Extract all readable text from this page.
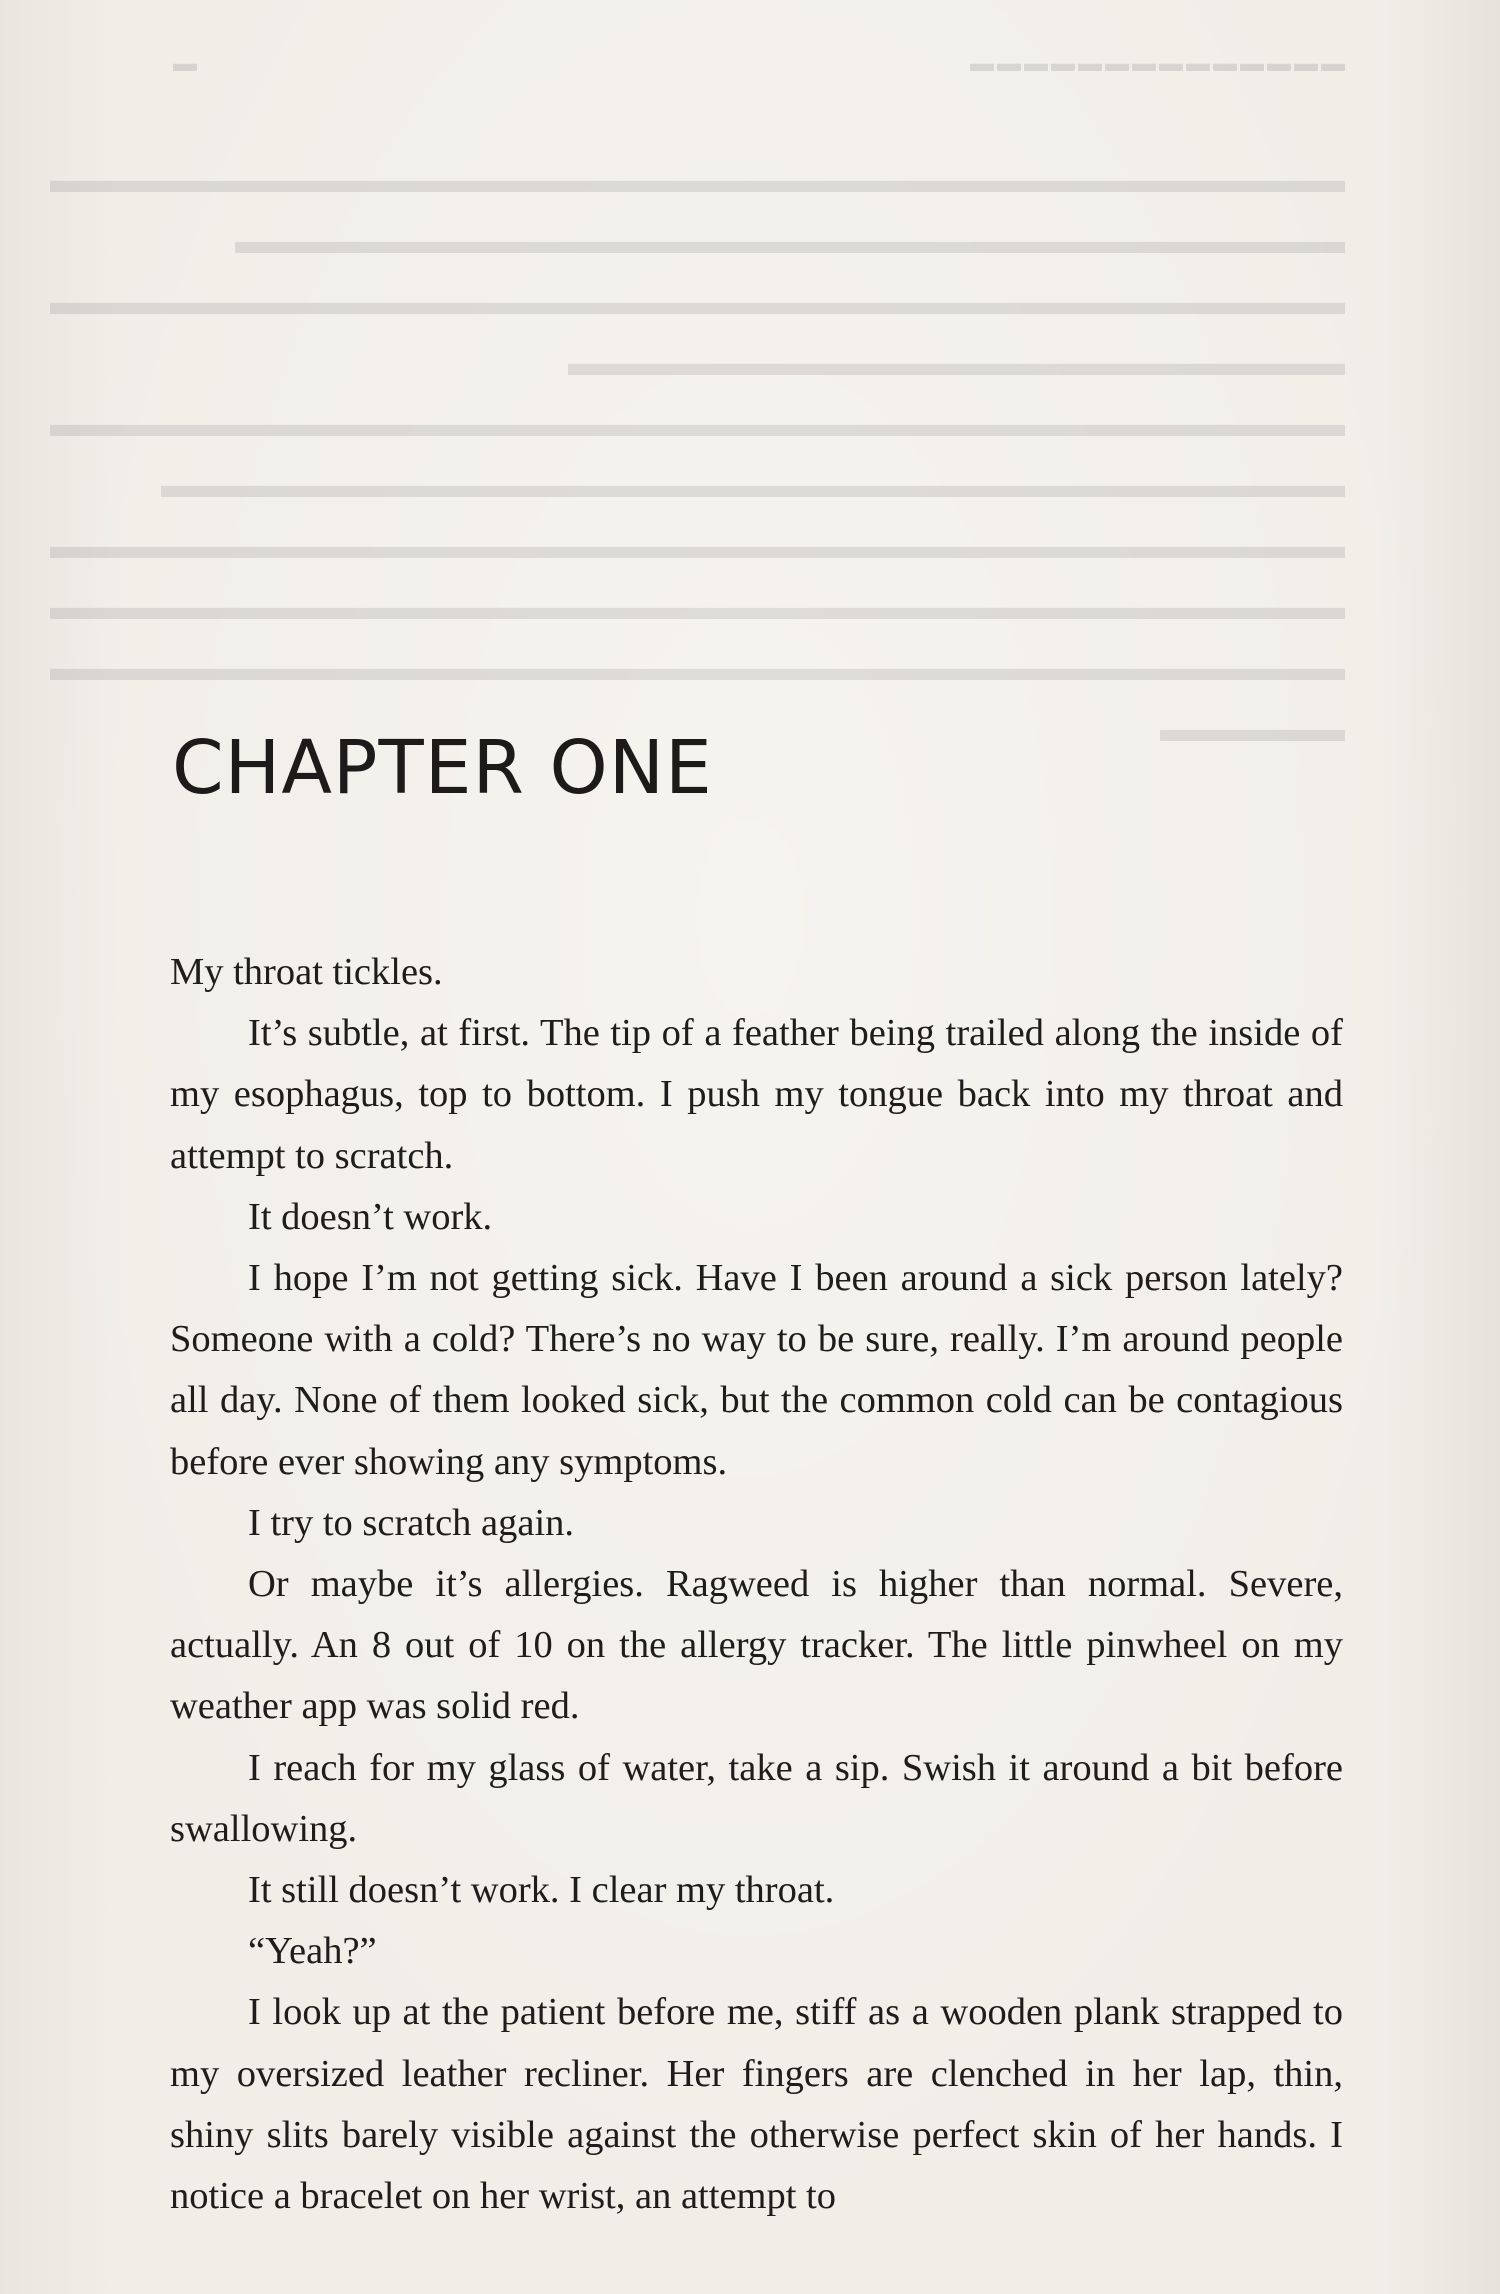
▬▬▬▬▬▬▬▬▬▬▬▬▬▬
▬
▬▬▬▬▬▬▬▬▬▬▬▬▬▬▬▬▬▬▬▬▬▬▬▬▬▬▬▬▬▬▬▬▬▬▬
▬▬▬▬▬▬▬▬▬▬▬▬▬▬▬▬▬▬▬▬▬▬▬▬▬▬▬▬▬▬
▬▬▬▬▬▬▬▬▬▬▬▬▬▬▬▬▬▬▬▬▬▬▬▬▬▬▬▬▬▬▬▬▬▬▬
▬▬▬▬▬▬▬▬▬▬▬▬▬▬▬▬▬▬▬▬▬
▬▬▬▬▬▬▬▬▬▬▬▬▬▬▬▬▬▬▬▬▬▬▬▬▬▬▬▬▬▬▬▬▬▬▬
▬▬▬▬▬▬▬▬▬▬▬▬▬▬▬▬▬▬▬▬▬▬▬▬▬▬▬▬▬▬▬▬
▬▬▬▬▬▬▬▬▬▬▬▬▬▬▬▬▬▬▬▬▬▬▬▬▬▬▬▬▬▬▬▬▬▬▬
▬▬▬▬▬▬▬▬▬▬▬▬▬▬▬▬▬▬▬▬▬▬▬▬▬▬▬▬▬▬▬▬▬▬▬
▬▬▬▬▬▬▬▬▬▬▬▬▬▬▬▬▬▬▬▬▬▬▬▬▬▬▬▬▬▬▬▬▬▬▬
▬▬▬▬▬
CHAPTER ONE

My throat tickles.

It’s subtle, at first. The tip of a feather being trailed along the inside of my esophagus, top to bottom. I push my tongue back into my throat and attempt to scratch.

It doesn’t work.

I hope I’m not getting sick. Have I been around a sick person lately? Someone with a cold? There’s no way to be sure, really. I’m around people all day. None of them looked sick, but the common cold can be contagious before ever showing any symptoms.

I try to scratch again.

Or maybe it’s allergies. Ragweed is higher than normal. Severe, actually. An 8 out of 10 on the allergy tracker. The little pinwheel on my weather app was solid red.

I reach for my glass of water, take a sip. Swish it around a bit before swallowing.

It still doesn’t work. I clear my throat.

“Yeah?”

I look up at the patient before me, stiff as a wooden plank strapped to my oversized leather recliner. Her fingers are clenched in her lap, thin, shiny slits barely visible against the otherwise perfect skin of her hands. I notice a bracelet on her wrist, an attempt to
